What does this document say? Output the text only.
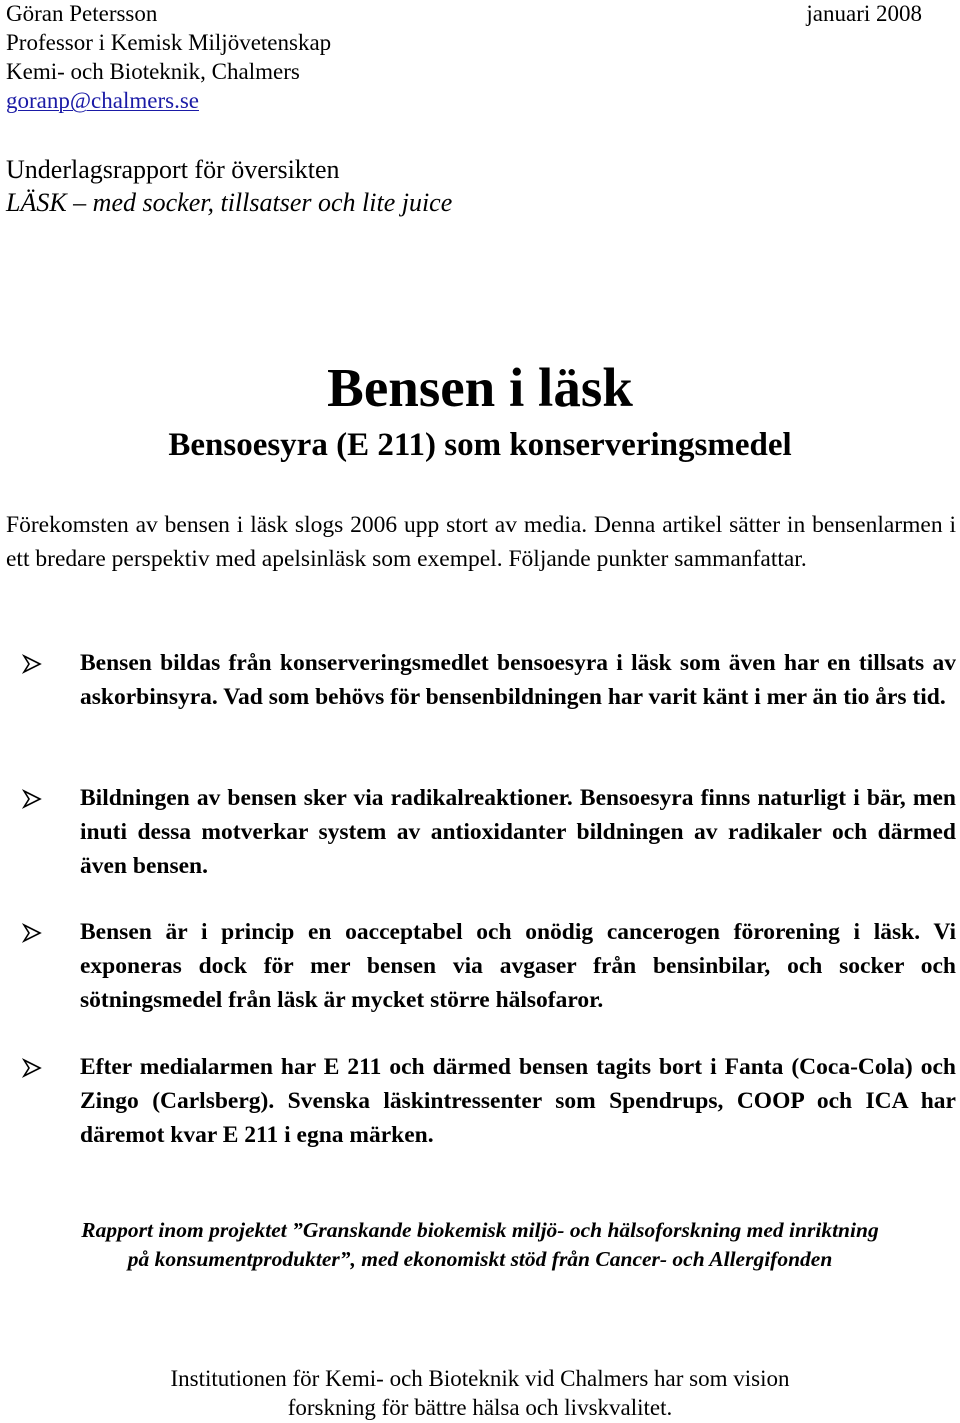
Göran Petersson	januari 2008
Professor i Kemisk Miljövetenskap
Kemi- och Bioteknik, Chalmers
goranp@chalmers.se
Underlagsrapport för översikten
LÄSK – med socker, tillsatser och lite juice
Bensen i läsk
Bensoesyra (E 211) som konserveringsmedel
Förekomsten av bensen i läsk slogs 2006 upp stort av media. Denna artikel sätter in bensenlarmen i ett bredare perspektiv med apelsinläsk som exempel. Följande punkter sammanfattar.
Bensen bildas från konserveringsmedlet bensoesyra i läsk som även har en tillsats av askorbinsyra. Vad som behövs för bensenbildningen har varit känt i mer än tio års tid.
Bildningen av bensen sker via radikalreaktioner. Bensoesyra finns naturligt i bär, men inuti dessa motverkar system av antioxidanter bildningen av radikaler och därmed även bensen.
Bensen är i princip en oacceptabel och onödig cancerogen förorening i läsk. Vi exponeras dock för mer bensen via avgaser från bensinbilar, och socker och sötningsmedel från läsk är mycket större hälsofaror.
Efter medialarmen har E 211 och därmed bensen tagits bort i Fanta (Coca-Cola) och Zingo (Carlsberg). Svenska läskintressenter som Spendrups, COOP och ICA har däremot kvar E 211 i egna märken.
Rapport inom projektet ”Granskande biokemisk miljö- och hälsoforskning med inriktning
på konsumentprodukter”, med ekonomiskt stöd från Cancer- och Allergifonden
Institutionen för Kemi- och Bioteknik vid Chalmers har som vision
forskning för bättre hälsa och livskvalitet.
